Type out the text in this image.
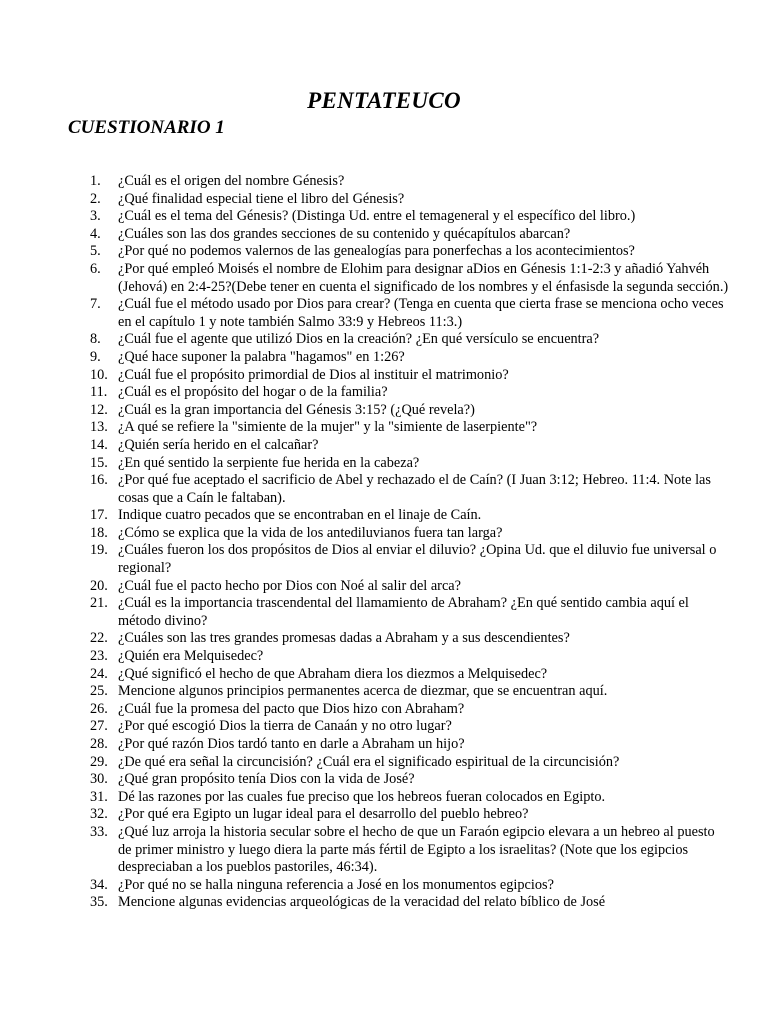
PENTATEUCO
CUESTIONARIO 1
1.	¿Cuál es el origen del nombre Génesis?
2.	¿Qué finalidad especial tiene el libro del Génesis?
3.	¿Cuál es el tema del Génesis? (Distinga Ud. entre el temageneral y el específico del libro.)
4.	¿Cuáles son las dos grandes secciones de su contenido y quécapítulos abarcan?
5.	¿Por qué no podemos valernos de las genealogías para ponerfechas a los acontecimientos?
6.	¿Por qué empleó Moisés el nombre de Elohim para designar aDios en Génesis 1:1-2:3 y añadió Yahvéh (Jehová) en 2:4-25?(Debe tener en cuenta el significado de los nombres y el énfasisde la segunda sección.)
7.	¿Cuál fue el método usado por Dios para crear? (Tenga en cuenta que cierta frase se menciona ocho veces en el capítulo 1 y note también Salmo 33:9 y Hebreos 11:3.)
8.	¿Cuál fue el agente que utilizó Dios en la creación? ¿En qué versículo se encuentra?
9.	¿Qué hace suponer la palabra "hagamos" en 1:26?
10. ¿Cuál fue el propósito primordial de Dios al instituir el matrimonio?
11. ¿Cuál es el propósito del hogar o de la familia?
12. ¿Cuál es la gran importancia del Génesis 3:15? (¿Qué revela?)
13. ¿A qué se refiere la "simiente de la mujer" y la "simiente de laserpiente"?
14. ¿Quién sería herido en el calcañar?
15. ¿En qué sentido la serpiente fue herida en la cabeza?
16. ¿Por qué fue aceptado el sacrificio de Abel y rechazado el de Caín? (I Juan 3:12; Hebreo. 11:4. Note las cosas que a Caín le faltaban).
17. Indique cuatro pecados que se encontraban en el linaje de Caín.
18. ¿Cómo se explica que la vida de los antediluvianos fuera tan larga?
19. ¿Cuáles fueron los dos propósitos de Dios al enviar el diluvio? ¿Opina Ud. que el diluvio fue universal o regional?
20. ¿Cuál fue el pacto hecho por Dios con Noé al salir del arca?
21. ¿Cuál es la importancia trascendental del llamamiento de Abraham? ¿En qué sentido cambia aquí el método divino?
22. ¿Cuáles son las tres grandes promesas dadas a Abraham y a sus descendientes?
23. ¿Quién era Melquisedec?
24. ¿Qué significó el hecho de que Abraham diera los diezmos a Melquisedec?
25. Mencione algunos principios permanentes acerca de diezmar, que se encuentran aquí.
26. ¿Cuál fue la promesa del pacto que Dios hizo con Abraham?
27. ¿Por qué escogió Dios la tierra de Canaán y no otro lugar?
28. ¿Por qué razón Dios tardó tanto en darle a Abraham un hijo?
29. ¿De qué era señal la circuncisión? ¿Cuál era el significado espiritual de la circuncisión?
30. ¿Qué gran propósito tenía Dios con la vida de José?
31. Dé las razones por las cuales fue preciso que los hebreos fueran colocados en Egipto.
32. ¿Por qué era Egipto un lugar ideal para el desarrollo del pueblo hebreo?
33. ¿Qué luz arroja la historia secular sobre el hecho de que un Faraón egipcio elevara a un hebreo al puesto de primer ministro y luego diera la parte más fértil de Egipto a los israelitas? (Note que los egipcios despreciaban a los pueblos pastoriles, 46:34).
34. ¿Por qué no se halla ninguna referencia a José en los monumentos egipcios?
35. Mencione algunas evidencias arqueológicas de la veracidad del relato bíblico de José
